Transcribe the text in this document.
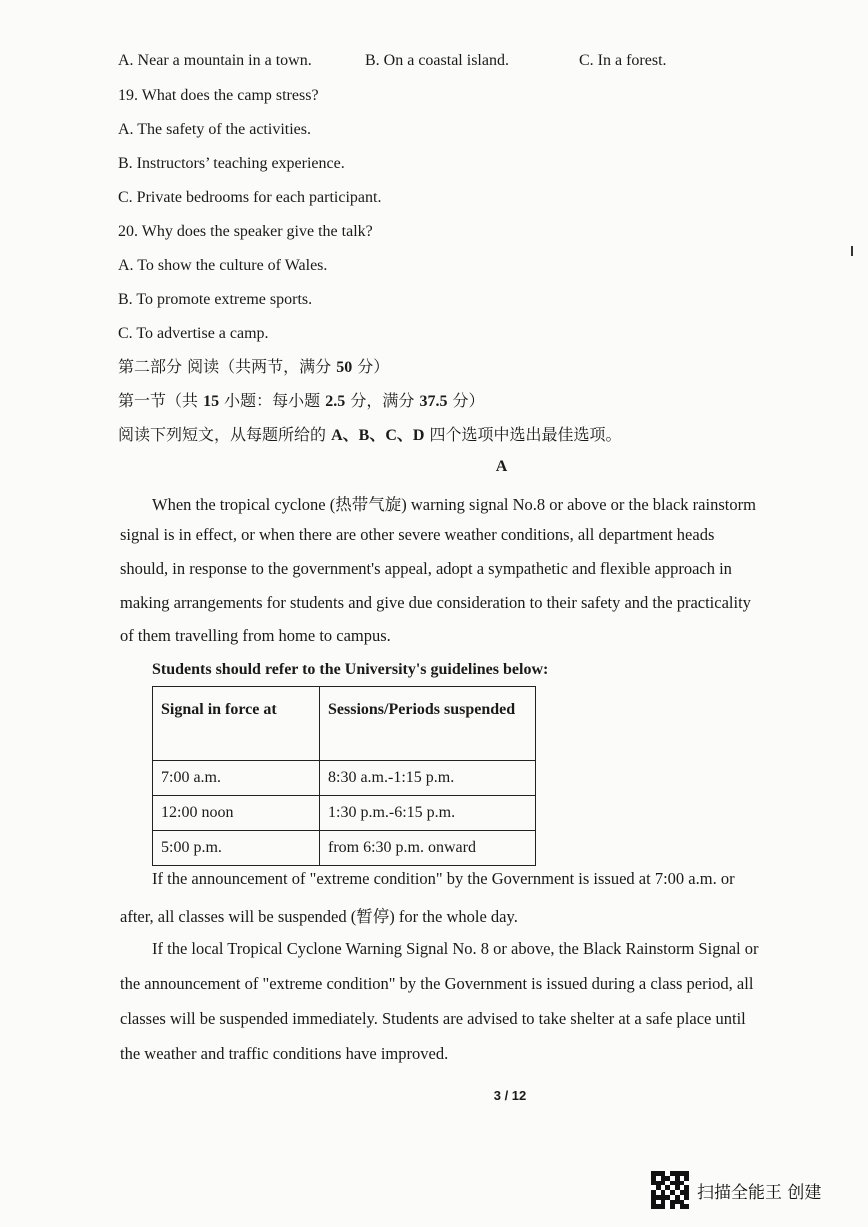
A. Near a mountain in a town.	B. On a coastal island.	C. In a forest.
19. What does the camp stress?
A. The safety of the activities.
B. Instructors’ teaching experience.
C. Private bedrooms for each participant.
20. Why does the speaker give the talk?
A. To show the culture of Wales.
B. To promote extreme sports.
C. To advertise a camp.
第二部分 阅读（共两节，满分 50 分）
第一节（共 15 小题：每小题 2.5 分，满分 37.5 分）
阅读下列短文，从每题所给的 A、B、C、D 四个选项中选出最佳选项。
A
When the tropical cyclone (热带气旋) warning signal No.8 or above or the black rainstorm
signal is in effect, or when there are other severe weather conditions, all department heads
should, in response to the government's appeal, adopt a sympathetic and flexible approach in
making arrangements for students and give due consideration to their safety and the practicality
of them travelling from home to campus.
Students should refer to the University's guidelines below:
Signal in force at	Sessions/Periods suspended
7:00 a.m.	8:30 a.m.-1:15 p.m.
12:00 noon	1:30 p.m.-6:15 p.m.
5:00 p.m.	from 6:30 p.m. onward
If the announcement of "extreme condition" by the Government is issued at 7:00 a.m. or
after, all classes will be suspended (暂停) for the whole day.
If the local Tropical Cyclone Warning Signal No. 8 or above, the Black Rainstorm Signal or
the announcement of "extreme condition" by the Government is issued during a class period, all
classes will be suspended immediately. Students are advised to take shelter at a safe place until
the weather and traffic conditions have improved.
3 / 12
扫描全能王 创建
